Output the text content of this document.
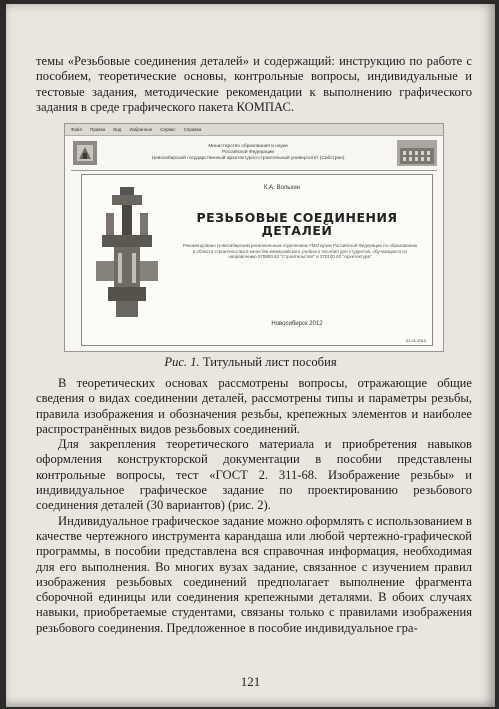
темы «Резьбовые соединения деталей» и содержащий: инструкцию по работе с пособием, теоретические основы, контрольные вопросы, индивидуальные и тестовые задания, методические рекомендации к выполнению графического задания в среде графического пакета КОМПАС.

Файл Правка Вид Избранное Сервис Справка
Министерство образования и науки
Российской Федерации
Новосибирский государственный архитектурно-строительный университет (Сибстрин)
К.А. Вольхин
РЕЗЬБОВЫЕ СОЕДИНЕНИЯ ДЕТАЛЕЙ
Рекомендовано Новосибирским региональным отделением УМО вузов Российской Федерации по образованию в области строительства в качестве межвузовского учебного пособия для студентов, обучающихся по направлению 270800.62 "Строительство" и 270100.62 "Архитектура"
Новосибирск 2012
21.01.2013
Рис. 1. Титульный лист пособия

В теоретических основах рассмотрены вопросы, отражающие общие сведения о видах соединении деталей, рассмотрены типы и параметры резьбы, правила изображения и обозначения резьбы, крепежных элементов и наиболее распространённых видов резьбовых соединений.

Для закрепления теоретического материала и приобретения навыков оформления конструкторской документации в пособии представлены контрольные вопросы, тест «ГОСТ 2. 311-68. Изображение резьбы» и индивидуальное графическое задание по проектированию резьбового соединения деталей (30 вариантов) (рис. 2).

Индивидуальное графическое задание можно оформлять с использованием в качестве чертежного инструмента карандаша или любой чертежно-графической программы, в пособии представлена вся справочная информация, необходимая для его выполнения. Во многих вузах задание, связанное с изучением правил изображения резьбовых соединений предполагает выполнение фрагмента сборочной единицы или соединения крепежными деталями. В обоих случаях навыки, приобретаемые студентами, связаны только с правилами изображения резьбового соединения. Предложенное в пособие индивидуальное гра-

121
